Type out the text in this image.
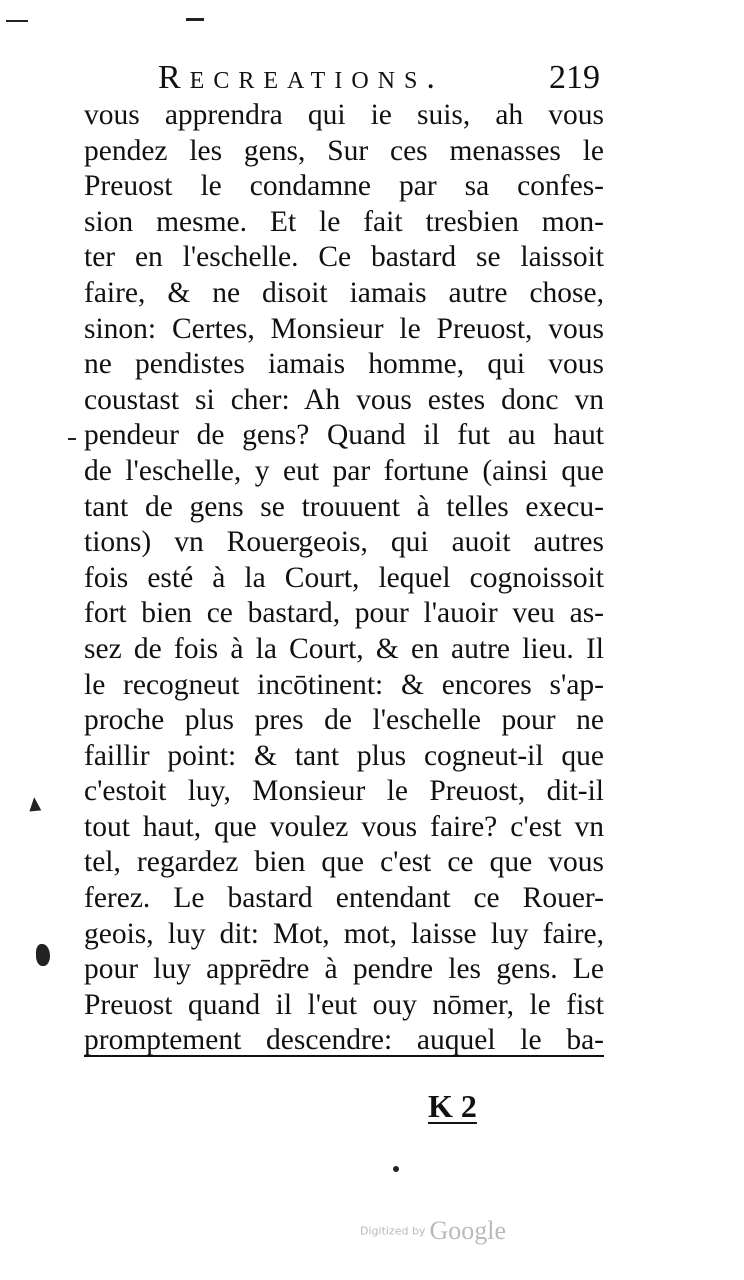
Recreations.	219
vous apprendra qui ie suis, ah vous
pendez les gens, Sur ces menasses le
Preuost le condamne par sa confes-
sion mesme. Et le fait tresbien mon-
ter en l'eschelle. Ce bastard se laissoit
faire, & ne disoit iamais autre chose,
sinon: Certes, Monsieur le Preuost, vous
ne pendistes iamais homme, qui vous
coustast si cher: Ah vous estes donc vn
pendeur de gens? Quand il fut au haut
de l'eschelle, y eut par fortune (ainsi que
tant de gens se trouuent à telles execu-
tions) vn Rouergeois, qui auoit autres
fois esté à la Court, lequel cognoissoit
fort bien ce bastard, pour l'auoir veu as-
sez de fois à la Court, & en autre lieu. Il
le recogneut incōtinent: & encores s'ap-
proche plus pres de l'eschelle pour ne
faillir point: & tant plus cogneut-il que
c'estoit luy, Monsieur le Preuost, dit-il
tout haut, que voulez vous faire? c'est vn
tel, regardez bien que c'est ce que vous
ferez. Le bastard entendant ce Rouer-
geois, luy dit: Mot, mot, laisse luy faire,
pour luy apprēdre à pendre les gens. Le
Preuost quand il l'eut ouy nōmer, le fist
promptement descendre: auquel le ba-
K 2
Digitized by Google
